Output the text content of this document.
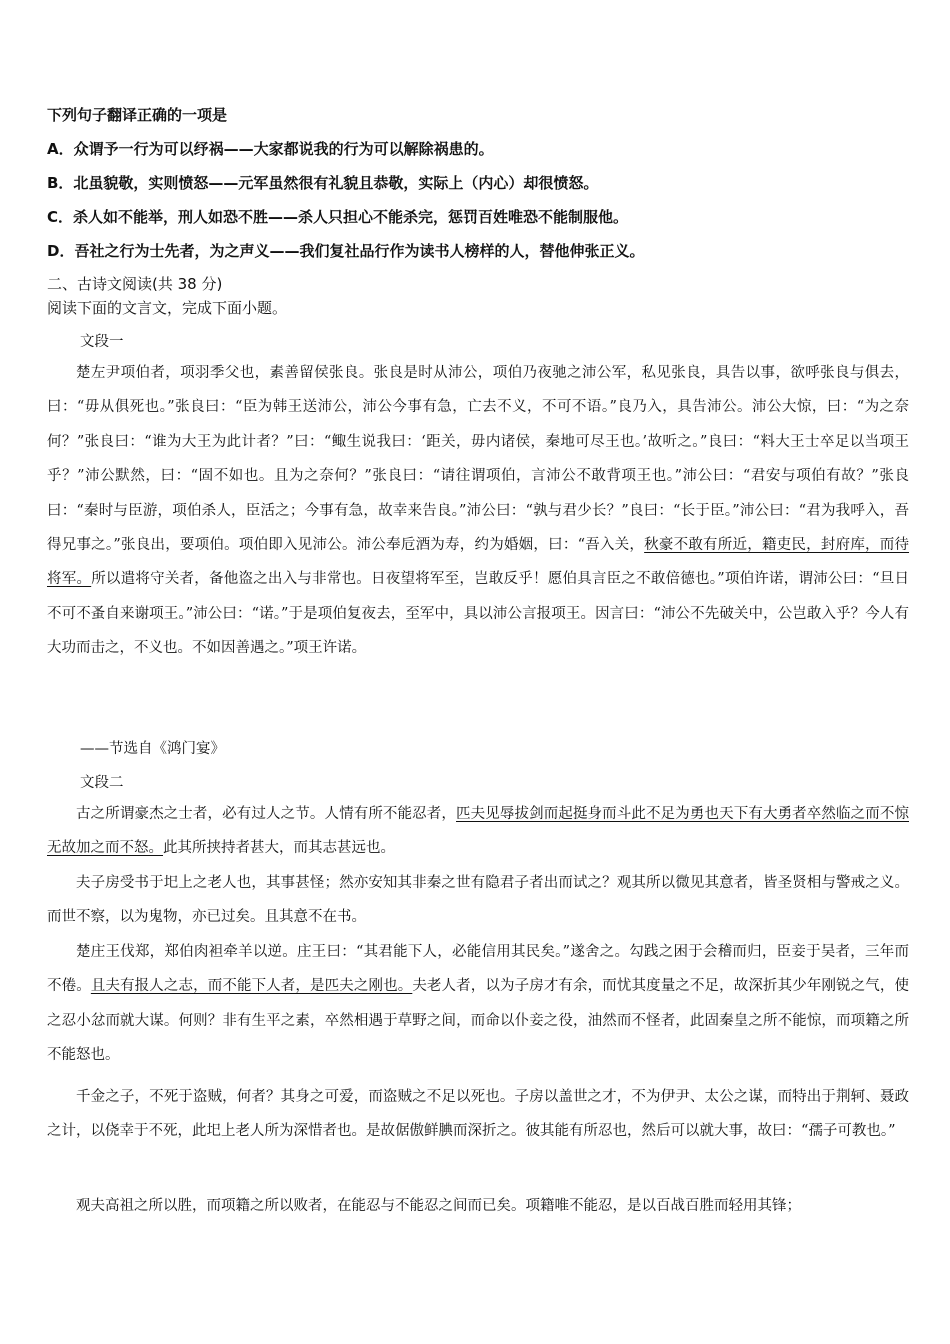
下列句子翻译正确的一项是
A．众谓予一行为可以纾祸——大家都说我的行为可以解除祸患的。
B．北虽貌敬，实则愤怒——元军虽然很有礼貌且恭敬，实际上（内心）却很愤怒。
C．杀人如不能举，刑人如恐不胜——杀人只担心不能杀完，惩罚百姓唯恐不能制服他。
D．吾社之行为士先者，为之声义——我们复社品行作为读书人榜样的人，替他伸张正义。
二、古诗文阅读(共 38 分)
阅读下面的文言文，完成下面小题。
文段一
楚左尹项伯者，项羽季父也，素善留侯张良。张良是时从沛公，项伯乃夜驰之沛公军，私见张良，具告以事，欲呼张良与俱去，曰：“毋从俱死也。”张良曰：“臣为韩王送沛公，沛公今事有急，亡去不义，不可不语。”良乃入，具告沛公。沛公大惊，曰：“为之奈何？”张良曰：“谁为大王为此计者？”曰：“鲰生说我曰：‘距关，毋内诸侯，秦地可尽王也。’故听之。”良曰：“料大王士卒足以当项王乎？”沛公默然，曰：“固不如也。且为之奈何？”张良曰：“请往谓项伯，言沛公不敢背项王也。”沛公曰：“君安与项伯有故？”张良曰：“秦时与臣游，项伯杀人，臣活之；今事有急，故幸来告良。”沛公曰：“孰与君少长？”良曰：“长于臣。”沛公曰：“君为我呼入，吾得兄事之。”张良出，要项伯。项伯即入见沛公。沛公奉卮酒为寿，约为婚姻，曰：“吾入关，秋豪不敢有所近，籍吏民，封府库，而待将军。所以遣将守关者，备他盗之出入与非常也。日夜望将军至，岂敢反乎！愿伯具言臣之不敢倍德也。”项伯许诺，谓沛公曰：“旦日不可不蚤自来谢项王。”沛公曰：“诺。”于是项伯复夜去，至军中，具以沛公言报项王。因言曰：“沛公不先破关中，公岂敢入乎？今人有大功而击之，不义也。不如因善遇之。”项王许诺。
——节选自《鸿门宴》
文段二
古之所谓豪杰之士者，必有过人之节。人情有所不能忍者，匹夫见辱拔剑而起挺身而斗此不足为勇也天下有大勇者卒然临之而不惊无故加之而不怒。此其所挟持者甚大，而其志甚远也。
夫子房受书于圯上之老人也，其事甚怪；然亦安知其非秦之世有隐君子者出而试之？观其所以微见其意者，皆圣贤相与警戒之义。而世不察，以为鬼物，亦已过矣。且其意不在书。
楚庄王伐郑，郑伯肉袒牵羊以逆。庄王曰：“其君能下人，必能信用其民矣。”遂舍之。勾践之困于会稽而归，臣妾于吴者，三年而不倦。且夫有报人之志，而不能下人者，是匹夫之刚也。夫老人者，以为子房才有余，而忧其度量之不足，故深折其少年刚锐之气，使之忍小忿而就大谋。何则？非有生平之素，卒然相遇于草野之间，而命以仆妾之役，油然而不怪者，此固秦皇之所不能惊，而项籍之所不能怒也。
千金之子，不死于盗贼，何者？其身之可爱，而盗贼之不足以死也。子房以盖世之才，不为伊尹、太公之谋，而特出于荆轲、聂政之计，以侥幸于不死，此圯上老人所为深惜者也。是故倨傲鲜腆而深折之。彼其能有所忍也，然后可以就大事，故曰：“孺子可教也。”
观夫高祖之所以胜，而项籍之所以败者，在能忍与不能忍之间而已矣。项籍唯不能忍，是以百战百胜而轻用其锋；
